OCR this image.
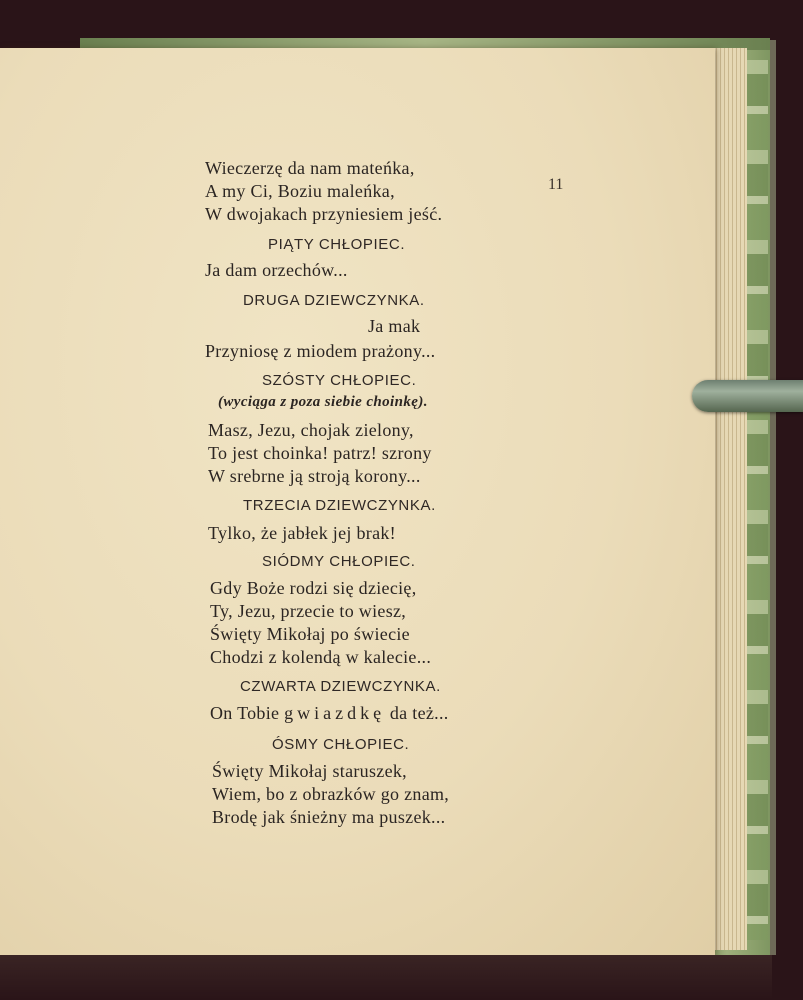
11
Wieczerzę da nam mateńka,
A my Ci, Boziu maleńka,
W dwojakach przyniesiem jeść.
PIĄTY CHŁOPIEC.
Ja dam orzechów...
DRUGA DZIEWCZYNKA.
Ja mak
Przyniosę z miodem prażony...
SZÓSTY CHŁOPIEC.
(wyciąga z poza siebie choinkę).
Masz, Jezu, chojak zielony,
To jest choinka! patrz! szrony
W srebrne ją stroją korony...
TRZECIA DZIEWCZYNKA.
Tylko, że jabłek jej brak!
SIÓDMY CHŁOPIEC.
Gdy Boże rodzi się dziecię,
Ty, Jezu, przecie to wiesz,
Święty Mikołaj po świecie
Chodzi z kolendą w kalecie...
CZWARTA DZIEWCZYNKA.
On Tobie gwiazdkę da też...
ÓSMY CHŁOPIEC.
Święty Mikołaj staruszek,
Wiem, bo z obrazków go znam,
Brodę jak śnieżny ma puszek...
